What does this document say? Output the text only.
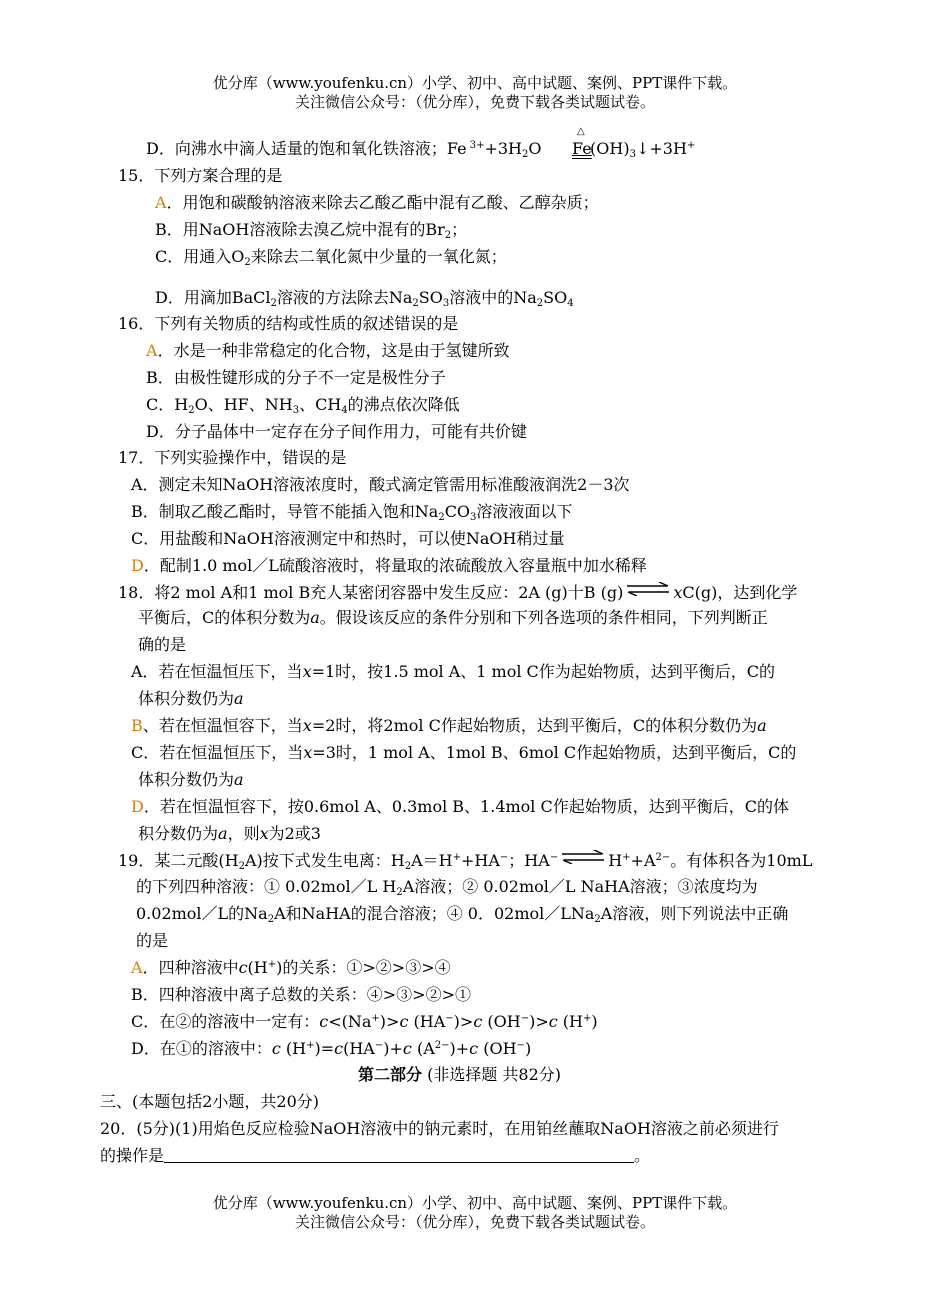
优分库（www.youfenku.cn）小学、初中、高中试题、案例、PPT课件下载。
关注微信公众号：（优分库），免费下载各类试题试卷。
D．向沸水中滴人适量的饱和氧化铁溶液；Fe $^{3+}+3H_2O$
△
$Fe(OH)_3↓+3H^+$
15．下列方案合理的是
A．用饱和碳酸钠溶液来除去乙酸乙酯中混有乙酸、乙醇杂质；
B．用NaOH溶液除去溴乙烷中混有的$Br_2$；
C．用通入$O_2$来除去二氧化氮中少量的一氧化氮；
D．用滴加BaCl$_2$溶液的方法除去$Na_2SO_3$溶液中的$Na_2SO_4$
16．下列有关物质的结构或性质的叙述错误的是
A．水是一种非常稳定的化合物，这是由于氢键所致
B．由极性键形成的分子不一定是极性分子
C．$H_2O$、HF、$NH_3$、$CH_4$的沸点依次降低
D．分子晶体中一定存在分子间作用力，可能有共价键
17．下列实验操作中，错误的是
A．测定未知NaOH溶液浓度时，酸式滴定管需用标准酸液润洗2－3次
B．制取乙酸乙酯时，导管不能插入饱和$Na_2CO_3$溶液液面以下
C．用盐酸和NaOH溶液测定中和热时，可以使NaOH稍过量
D．配制1.0 mol／L硫酸溶液时，将量取的浓硫酸放入容量瓶中加水稀释
18．将2 mol A和1 mol B充人某密闭容器中发生反应：2A (g)十B (g) ⇌ xC(g)，达到化学
平衡后，C的体积分数为a。假设该反应的条件分别和下列各选项的条件相同，下列判断正
确的是
A．若在恒温恒压下，当x=1时，按1.5 mol A、1 mol C作为起始物质，达到平衡后，C的
体积分数仍为a
B、若在恒温恒容下，当x=2时，将2mol C作起始物质，达到平衡后，C的体积分数仍为a
C．若在恒温恒压下，当x=3时，1 mol A、1mol B、6mol C作起始物质，达到平衡后，C的
体积分数仍为a
D．若在恒温恒容下，按0.6mol A、0.3mol B、1.4mol C作起始物质，达到平衡后，C的体
积分数仍为a，则x为2或3
19．某二元酸$(H_2A)$按下式发生电离：$H_2A=H^++HA^-$；HA− ⇌ $H^++A^{2-}$。有体积各为10mL
的下列四种溶液：① 0.02mol／L $H_2A$溶液；② 0.02mol／L NaHA溶液；③浓度均为
0.02mol／L的$Na_2A$和NaHA的混合溶液；④ 0．02mol／LNa$_2$A溶液，则下列说法中正确
的是
A．四种溶液中c(H+)的关系：①>②>③>④
B．四种溶液中离子总数的关系：④>③>②>①
C．在②的溶液中一定有：c<(Na+)>c (HA−)>c (OH−)>c (H+)
D．在①的溶液中：c (H+)=c(HA−)+c $(A^{2-})+c$ (OH−)
第二部分 (非选择题 共82分)
三、(本题包括2小题，共20分)
20．(5分)(1)用焰色反应检验NaOH溶液中的钠元素时，在用铂丝蘸取NaOH溶液之前必须进行
的操作是	。
优分库（www.youfenku.cn）小学、初中、高中试题、案例、PPT课件下载。
关注微信公众号：（优分库），免费下载各类试题试卷。
